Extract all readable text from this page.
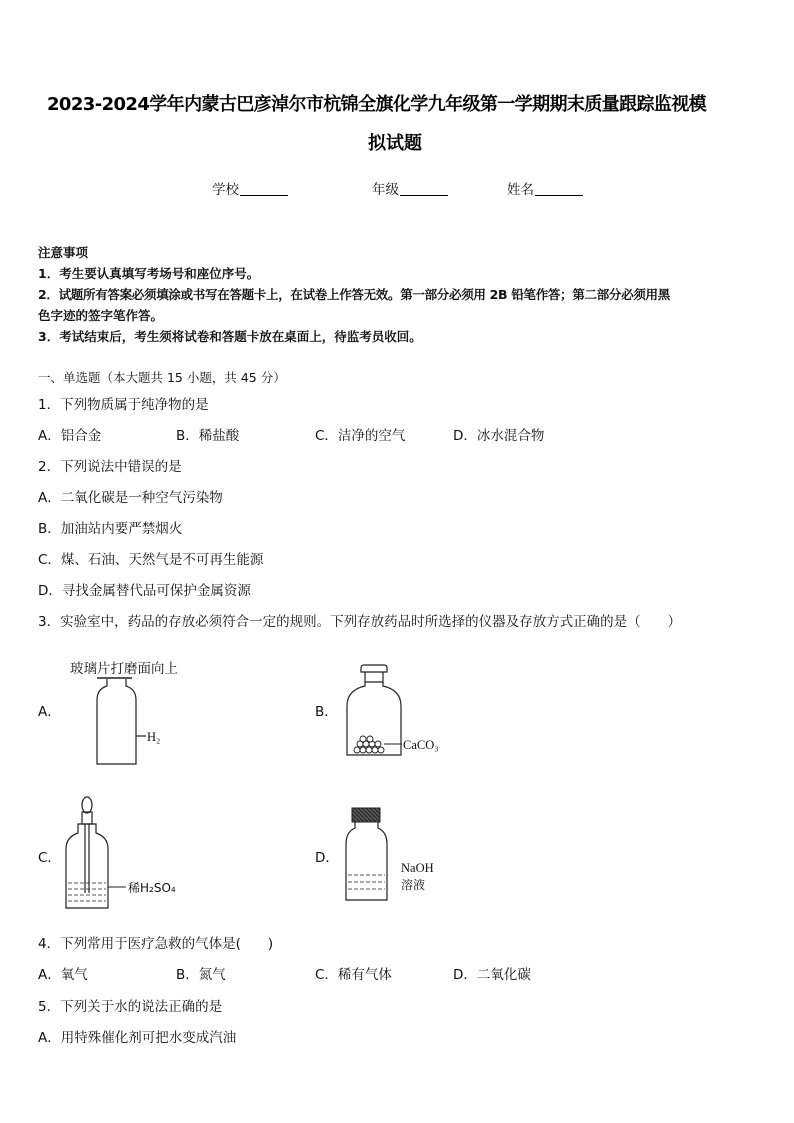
2023-2024学年内蒙古巴彦淖尔市杭锦全旗化学九年级第一学期期末质量跟踪监视模
拟试题
学校	年级	姓名
注意事项
1．考生要认真填写考场号和座位序号。
2．试题所有答案必须填涂或书写在答题卡上，在试卷上作答无效。第一部分必须用 2B 铅笔作答；第二部分必须用黑
色字迹的签字笔作答。
3．考试结束后，考生须将试卷和答题卡放在桌面上，待监考员收回。
一、单选题（本大题共 15 小题，共 45 分）
1．下列物质属于纯净物的是
A．铝合金	B．稀盐酸	C．洁净的空气	D．冰水混合物
2．下列说法中错误的是
A．二氧化碳是一种空气污染物
B．加油站内要严禁烟火
C．煤、石油、天然气是不可再生能源
D．寻找金属替代品可保护金属资源
3．实验室中，药品的存放必须符合一定的规则。下列存放药品时所选择的仪器及存放方式正确的是（　　）
玻璃片打磨面向上
A．	B．
C．	D．
H₂
CaCO₃
稀H₂SO₄
NaOH
溶液
4．下列常用于医疗急救的气体是(　　)
A．氧气	B．氮气	C．稀有气体	D．二氧化碳
5．下列关于水的说法正确的是
A．用特殊催化剂可把水变成汽油
